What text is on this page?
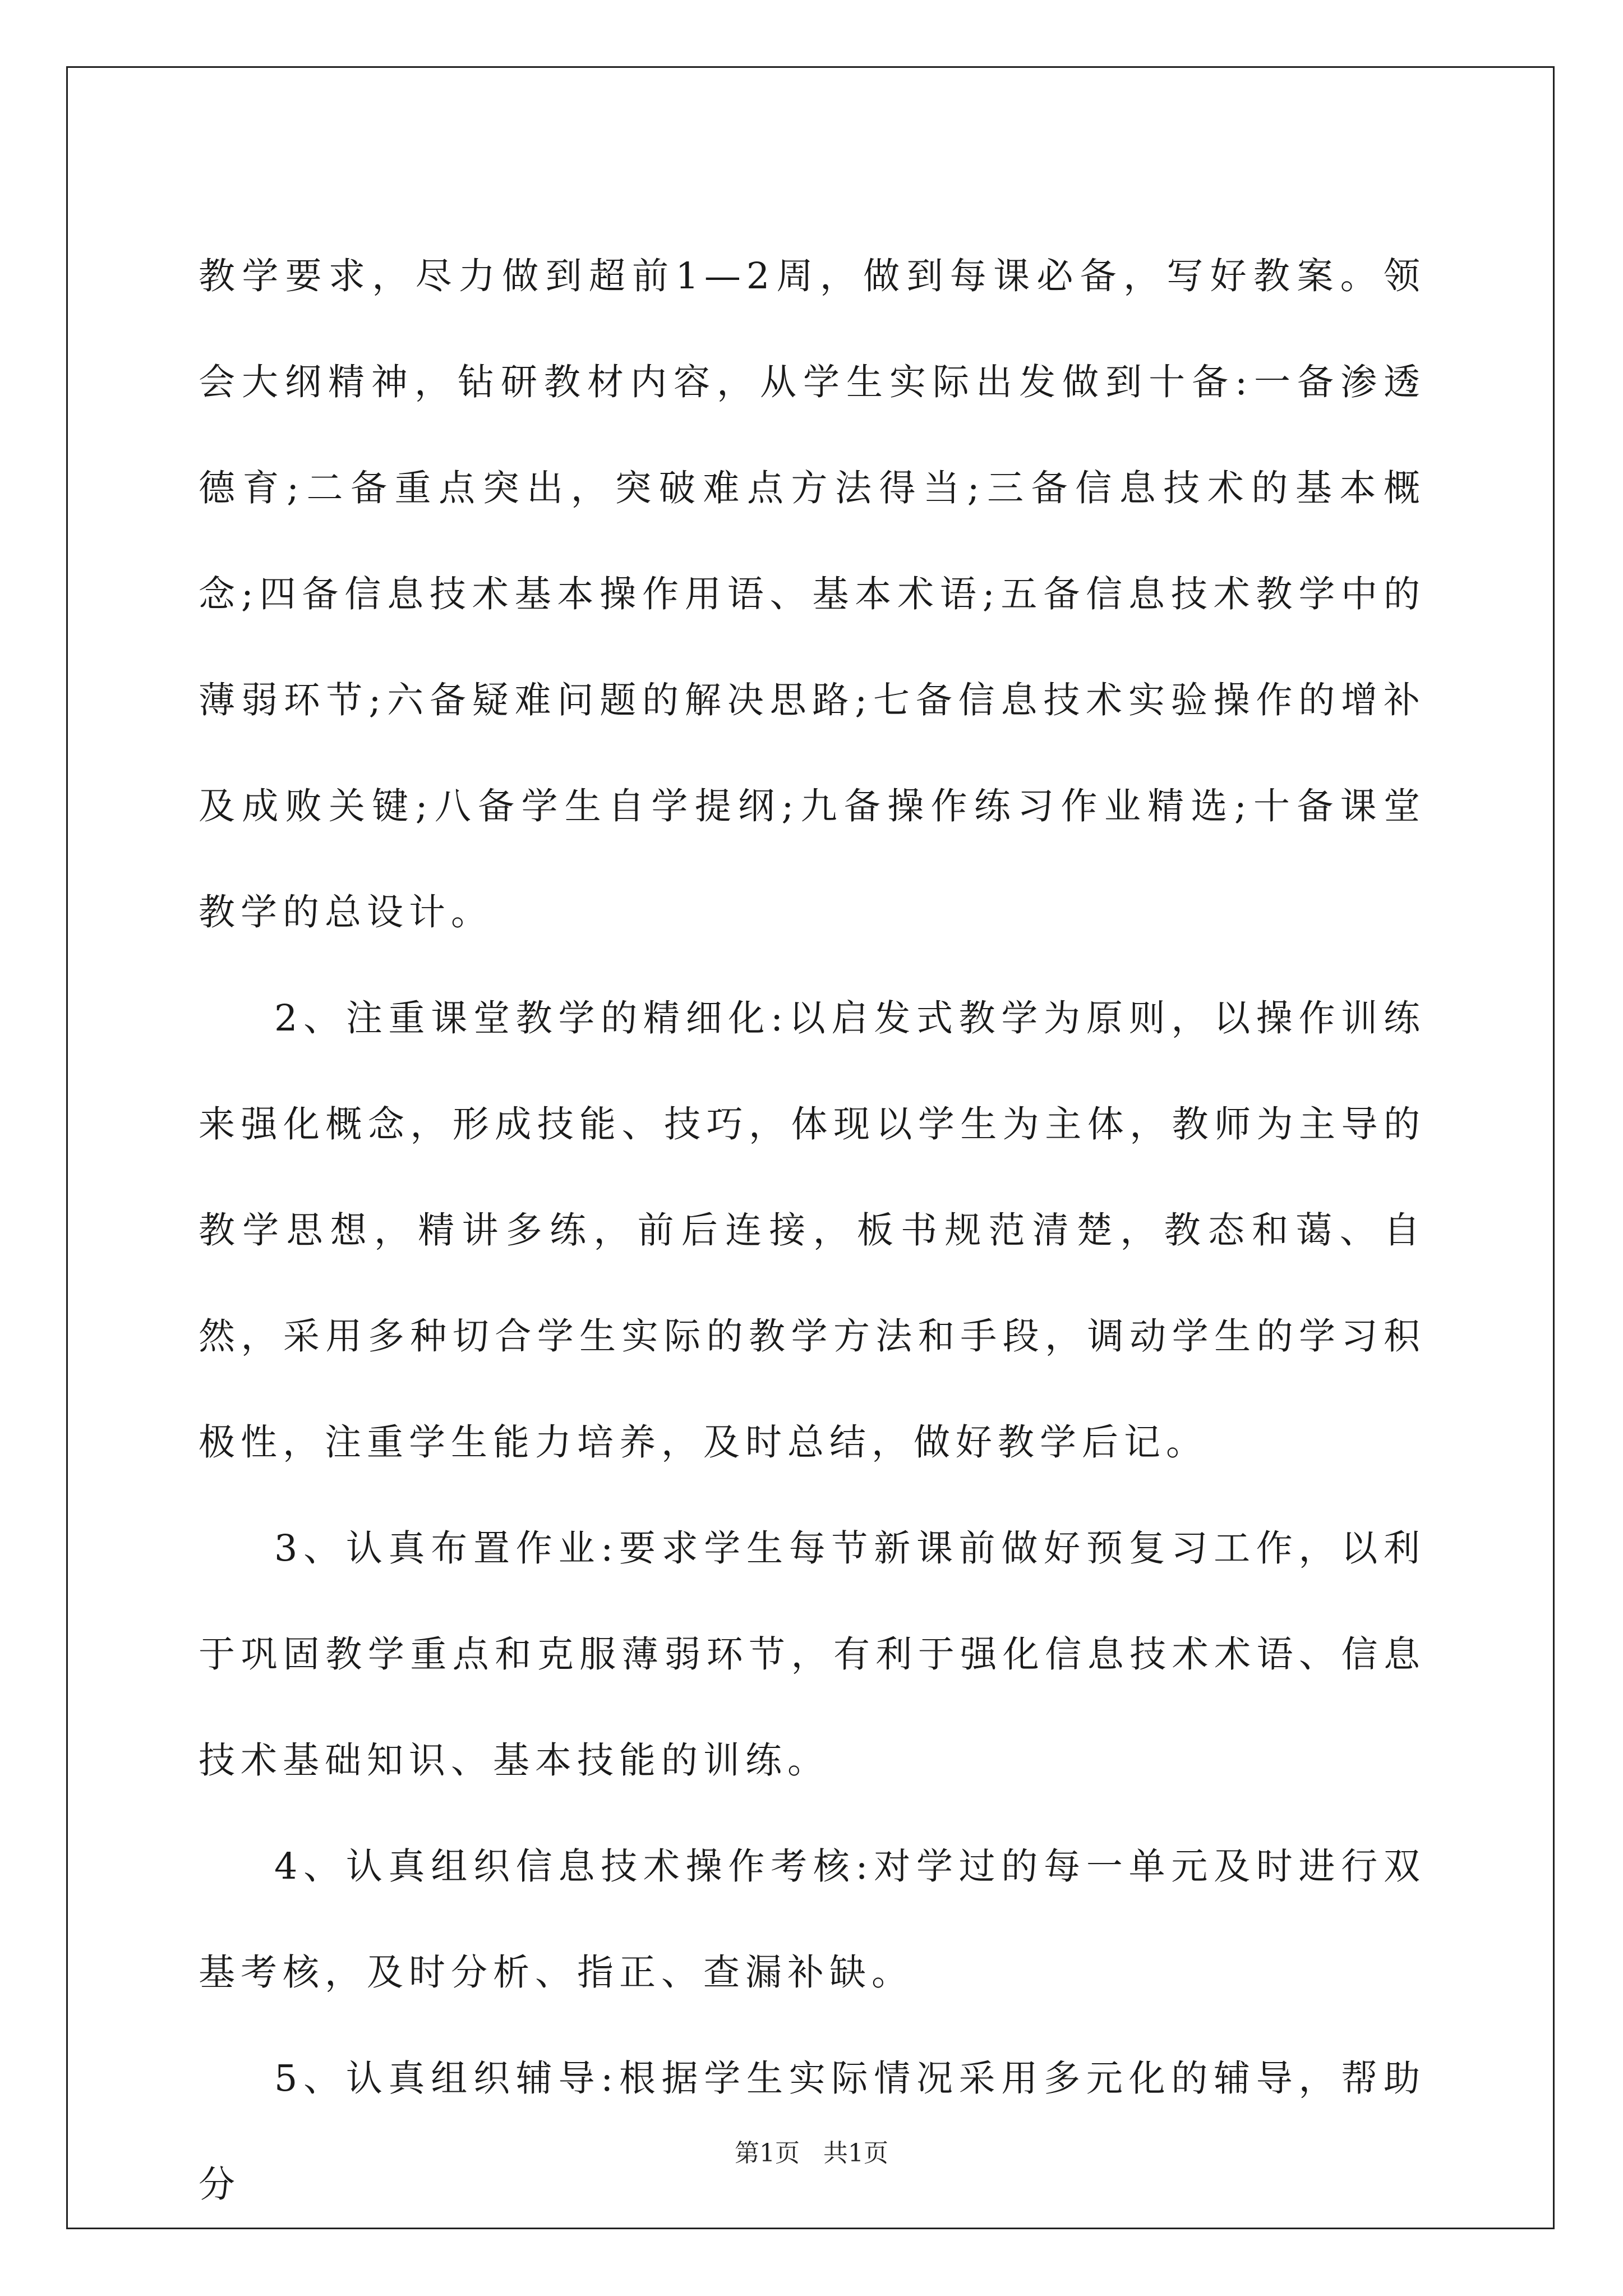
教学要求，尽力做到超前1—2周，做到每课必备，写好教案。领会大纲精神，钻研教材内容，从学生实际出发做到十备:一备渗透德育;二备重点突出，突破难点方法得当;三备信息技术的基本概念;四备信息技术基本操作用语、基本术语;五备信息技术教学中的薄弱环节;六备疑难问题的解决思路;七备信息技术实验操作的增补及成败关键;八备学生自学提纲;九备操作练习作业精选;十备课堂教学的总设计。

2、注重课堂教学的精细化:以启发式教学为原则，以操作训练来强化概念，形成技能、技巧，体现以学生为主体，教师为主导的教学思想，精讲多练，前后连接，板书规范清楚，教态和蔼、自然，采用多种切合学生实际的教学方法和手段，调动学生的学习积极性，注重学生能力培养，及时总结，做好教学后记。

3、认真布置作业:要求学生每节新课前做好预复习工作，以利于巩固教学重点和克服薄弱环节，有利于强化信息技术术语、信息技术基础知识、基本技能的训练。

4、认真组织信息技术操作考核:对学过的每一单元及时进行双基考核，及时分析、指正、查漏补缺。

5、认真组织辅导:根据学生实际情况采用多元化的辅导，帮助分

第1页 共1页
